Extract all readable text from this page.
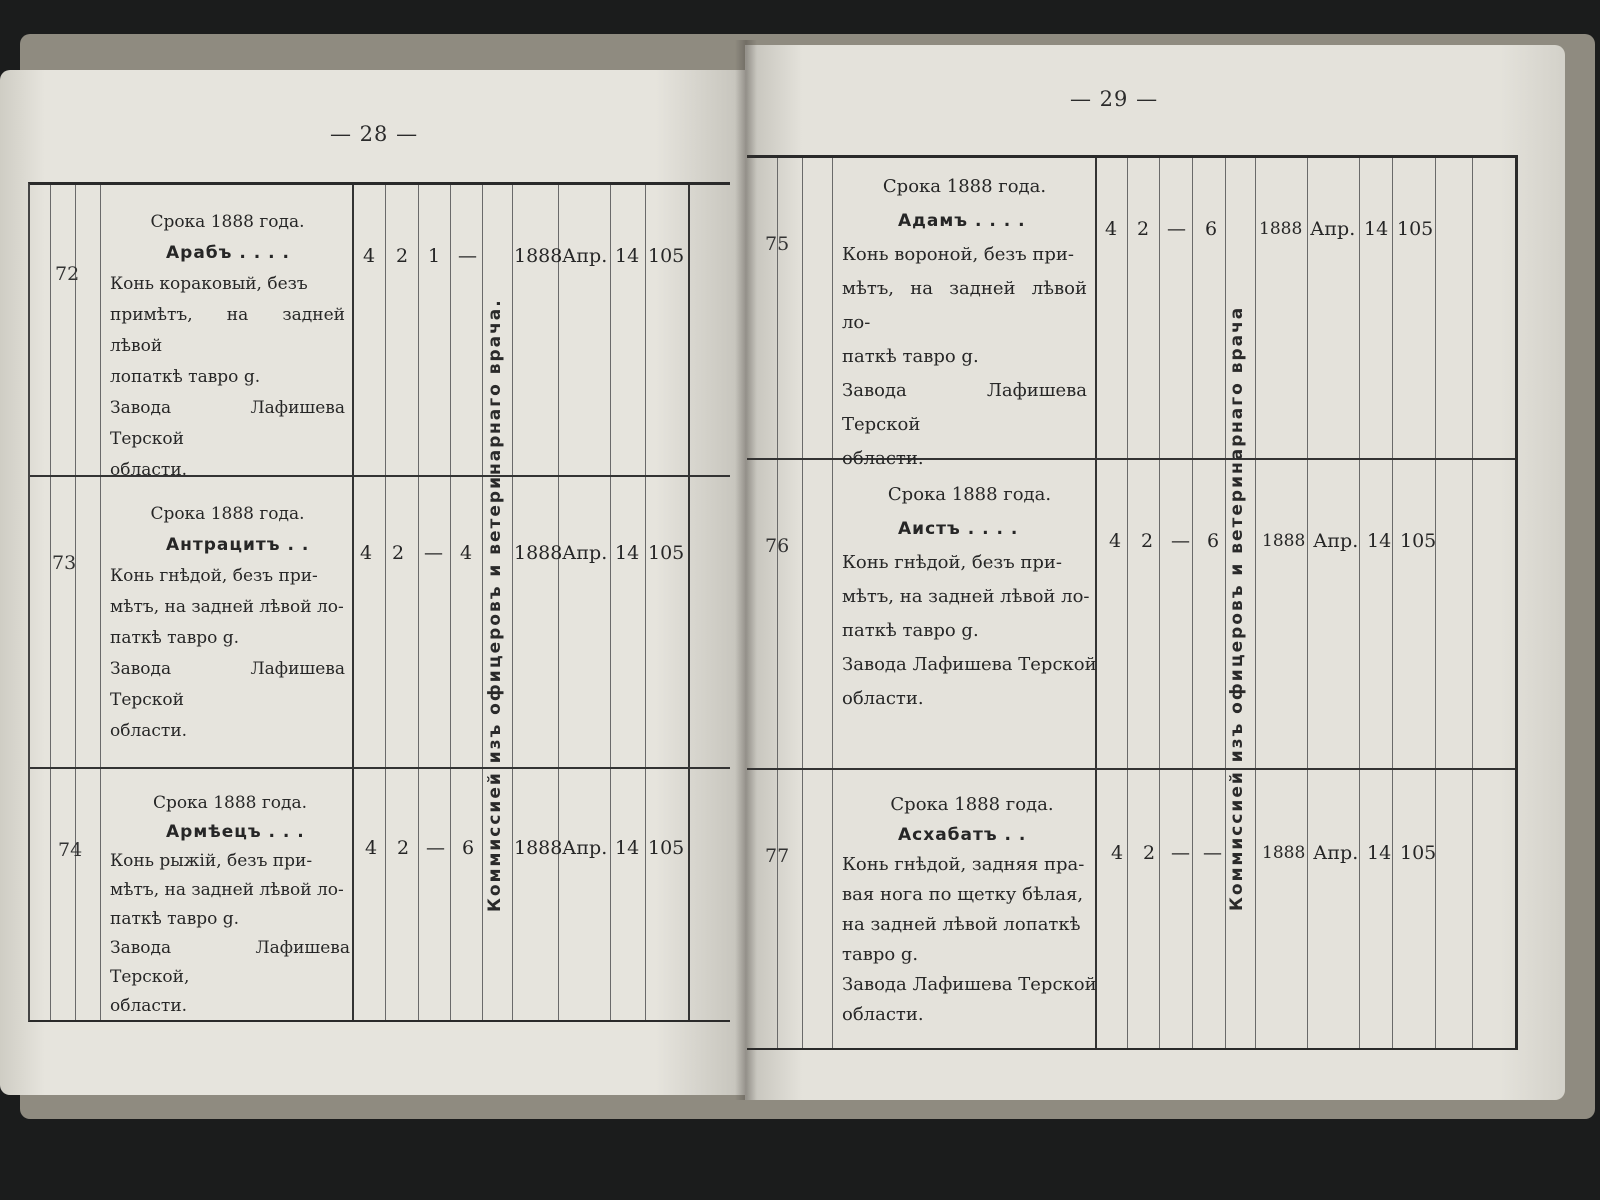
— 28 —
Коммиссией изъ офицеровъ и ветеринарнаго врача.
72
Срока 1888 года.
Арабъ . . . .
Конь кораковый, безъ
примѣтъ, на задней лѣвой
лопаткѣ тавро g.
Завода Лафишева Терской
области.
4 2 1 — 1888 Апр. 14 105
73
Срока 1888 года.
Антрацитъ . .
Конь гнѣдой, безъ при-
мѣтъ, на задней лѣвой ло-
паткѣ тавро g.
Завода Лафишева Терской
области.
4 2 — 4 1888 Апр. 14 105
74
Срока 1888 года.
Армѣецъ . . .
Конь рыжій, безъ при-
мѣтъ, на задней лѣвой ло-
паткѣ тавро g.
Завода Лафишева Терской,
области.
4 2 — 6 1888 Апр. 14 105
— 29 —
Коммиссией изъ офицеровъ и ветеринарнаго врача
75
Срока 1888 года.
Адамъ . . . .
Конь вороной, безъ при-
мѣтъ, на задней лѣвой ло-
паткѣ тавро g.
Завода Лафишева Терской
области.
4 2 — 6 1888 Апр. 14 105
76
Срока 1888 года.
Аистъ . . . .
Конь гнѣдой, безъ при-
мѣтъ, на задней лѣвой ло-
паткѣ тавро g.
Завода Лафишева Терской
области.
4 2 — 6	1888 Апр. 14 105
77
Срока 1888 года.
Асхабатъ . .
Конь гнѣдой, задняя пра-
вая нога по щетку бѣлая,
на задней лѣвой лопаткѣ
тавро g.
Завода Лафишева Терской
области.
4 2 — — 1888 Апр. 14 105
